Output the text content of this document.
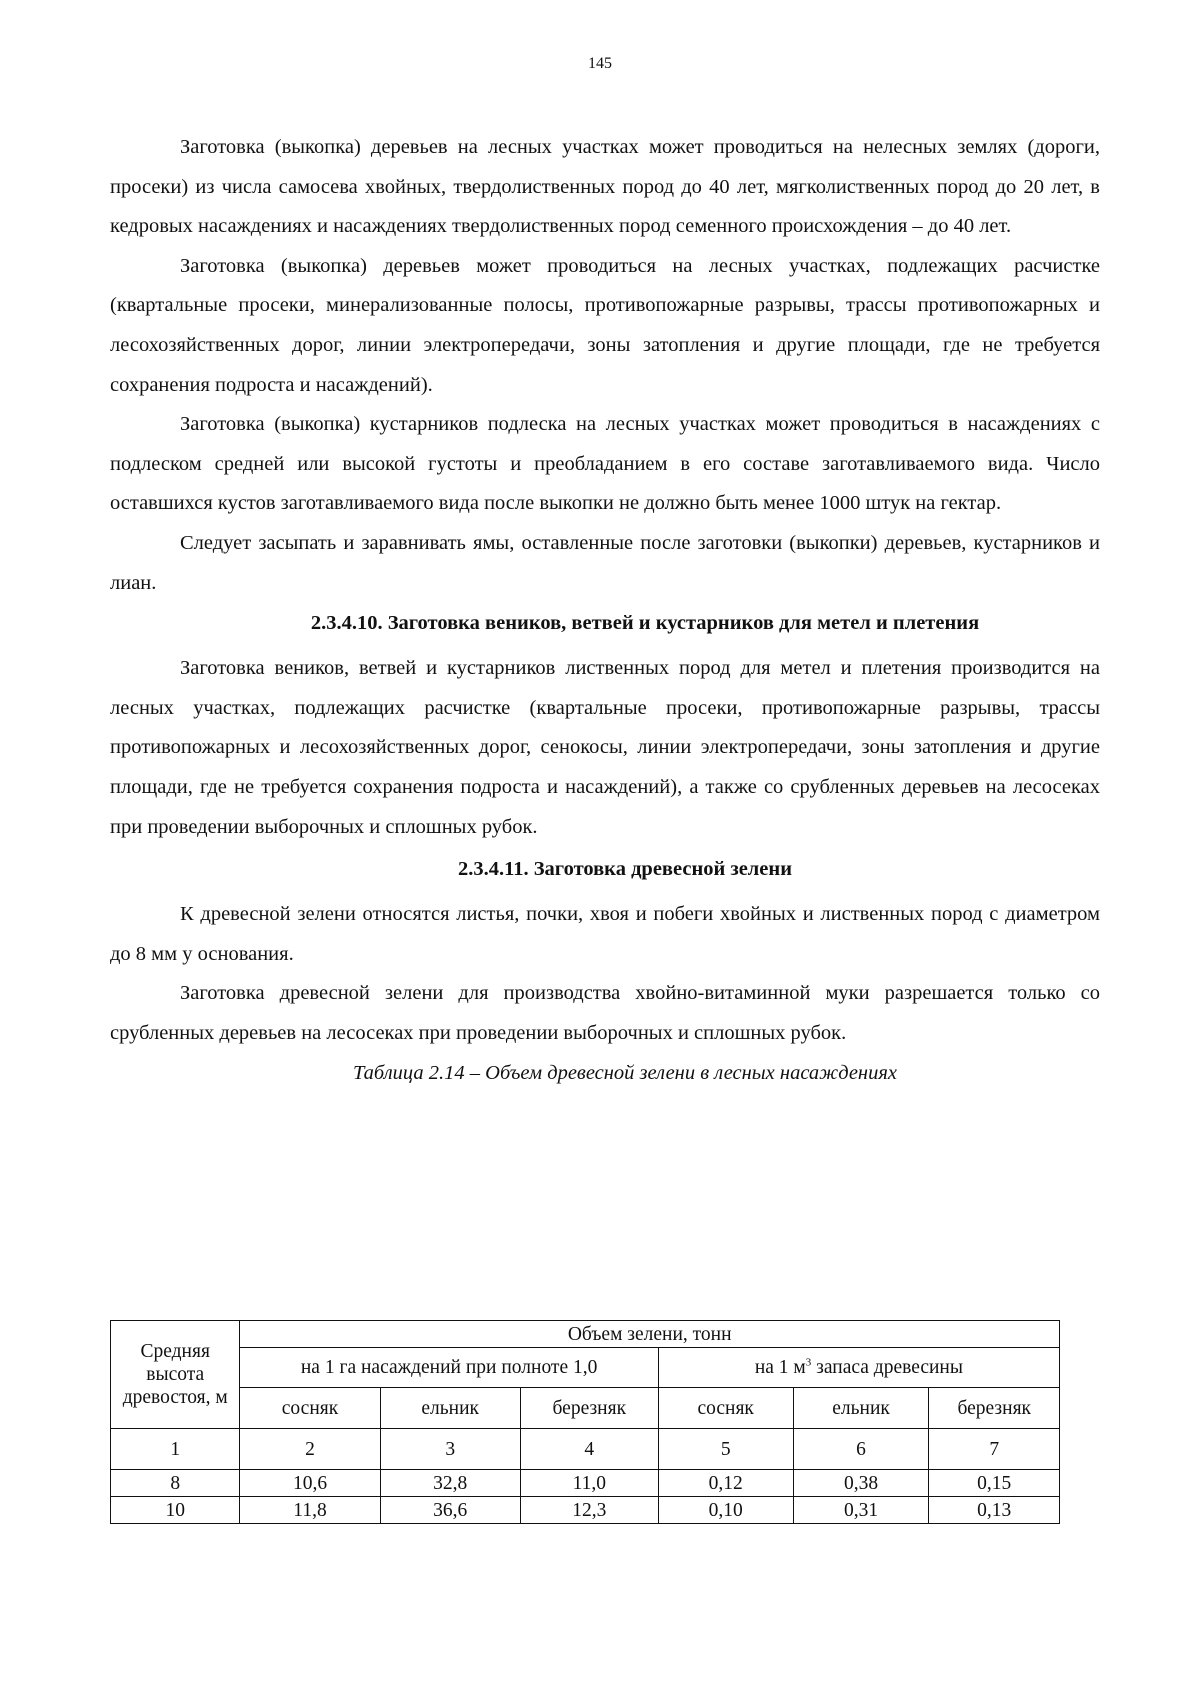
145

Заготовка (выкопка) деревьев на лесных участках может проводиться на нелесных землях (дороги, просеки) из числа самосева хвойных, твердолиственных пород до 40 лет, мягколиственных пород до 20 лет, в кедровых насаждениях и насаждениях твердолиственных пород семенного происхождения – до 40 лет.

Заготовка (выкопка) деревьев может проводиться на лесных участках, подлежащих расчистке (квартальные просеки, минерализованные полосы, противопожарные разрывы, трассы противопожарных и лесохозяйственных дорог, линии электропередачи, зоны затопления и другие площади, где не требуется сохранения подроста и насаждений).

Заготовка (выкопка) кустарников подлеска на лесных участках может проводиться в насаждениях с подлеском средней или высокой густоты и преобладанием в его составе заготавливаемого вида. Число оставшихся кустов заготавливаемого вида после выкопки не должно быть менее 1000 штук на гектар.

Следует засыпать и заравнивать ямы, оставленные после заготовки (выкопки) деревьев, кустарников и лиан.

2.3.4.10. Заготовка веников, ветвей и кустарников для метел и плетения

Заготовка веников, ветвей и кустарников лиственных пород для метел и плетения производится на лесных участках, подлежащих расчистке (квартальные просеки, противопожарные разрывы, трассы противопожарных и лесохозяйственных дорог, сенокосы, линии электропередачи, зоны затопления и другие площади, где не требуется сохранения подроста и насаждений), а также со срубленных деревьев на лесосеках при проведении выборочных и сплошных рубок.

2.3.4.11. Заготовка древесной зелени

К древесной зелени относятся листья, почки, хвоя и побеги хвойных и лиственных пород с диаметром до 8 мм у основания.

Заготовка древесной зелени для производства хвойно-витаминной муки разрешается только со срубленных деревьев на лесосеках при проведении выборочных и сплошных рубок.

Таблица 2.14 – Объем древесной зелени в лесных насаждениях

Средняя высота древостоя, м	Объем зелени, тонн					
	на 1 га насаждений при полноте 1,0			на 1 $м^3$ запаса древесины		
	сосняк	ельник	березняк	сосняк	ельник	березняк
1	2	3	4	5	6	7
8	10,6	32,8	11,0	0,12	0,38	0,15
10	11,8	36,6	12,3	0,10	0,31	0,13
